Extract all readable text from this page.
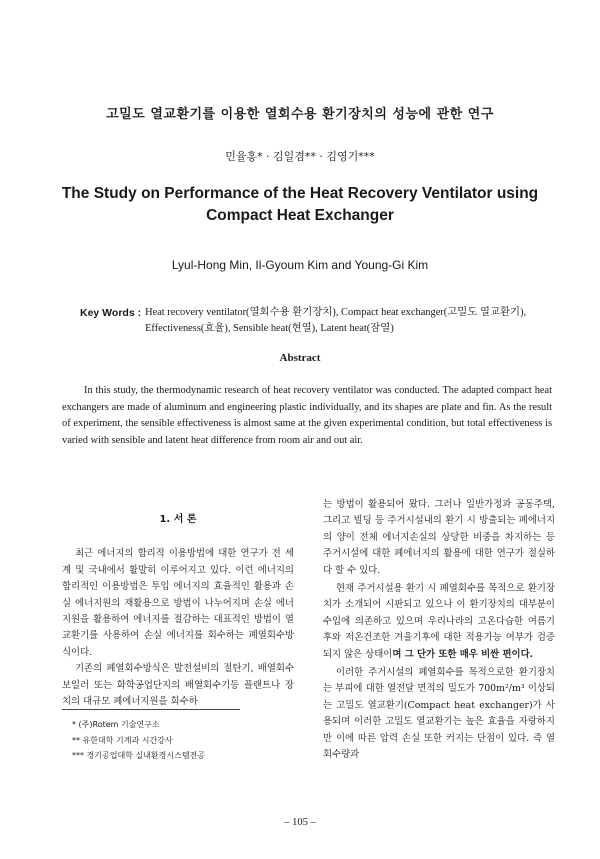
고밀도 열교환기를 이용한 열회수용 환기장치의 성능에 관한 연구
민율홍* · 김일겸** · 김영기***
The Study on Performance of the Heat Recovery Ventilator using Compact Heat Exchanger
Lyul-Hong Min, Il-Gyoum Kim and Young-Gi Kim
Key Words : Heat recovery ventilator(열회수용 환기장치), Compact heat exchanger(고밀도 열교환기), Effectiveness(효율), Sensible heat(현열), Latent heat(잠열)
Abstract
In this study, the thermodynamic research of heat recovery ventilator was conducted. The adapted compact heat exchangers are made of aluminum and engineering plastic individually, and its shapes are plate and fin. As the result of experiment, the sensible effectiveness is almost same at the given experimental condition, but total effectiveness is varied with sensible and latent heat difference from room air and out air.
1. 서 론

최근 에너지의 합리적 이용방법에 대한 연구가 전 세계 및 국내에서 활발히 이루어지고 있다. 이런 에너지의 합리적인 이용방법은 투입 에너지의 효율적인 활용과 손실 에너지원의 재활용으로 방법이 나누어지며 손실 에너지원을 활용하여 에너지를 절감하는 대표적인 방법이 열교환기를 사용하여 손실 에너지를 회수하는 폐열회수방식이다.

기존의 폐열회수방식은 발전설비의 절탄기, 배열회수 보일러 또는 화학공업단지의 배열회수기등 플랜트나 장치의 대규모 폐에너지원을 회수하

는 방법이 활용되어 왔다. 그러나 일반가정과 공동주택, 그리고 빌딩 등 주거시설내의 환기 시 방출되는 폐에너지의 양이 전체 에너지손실의 상당한 비중을 차지하는 등 주거시설에 대한 폐에너지의 활용에 대한 연구가 절실하다 할 수 있다.

현재 주거시설용 환기 시 폐열회수를 목적으로 환기장치가 소개되어 시판되고 있으나 이 환기장치의 대부분이 수입에 의존하고 있으며 우리나라의 고온다습한 여름기후와 저온건조한 겨울기후에 대한 적용가능 여부가 검증되지 않은 상태이며 그 단가 또한 매우 비싼 편이다.

이러한 주거시설의 폐열회수를 목적으로한 환기장치는 부피에 대한 열전달 면적의 밀도가 700m²/m³ 이상되는 고밀도 열교환기(Compact heat exchanger)가 사용되며 이러한 고밀도 열교환기는 높은 효율을 자랑하지만 이에 따른 압력 손실 또한 커지는 단점이 있다. 즉 열회수량과

* (주)Rotem 기술연구소
** 유한대학 기계과 시간강사
*** 경기공업대학 실내환경시스템전공
– 105 –
